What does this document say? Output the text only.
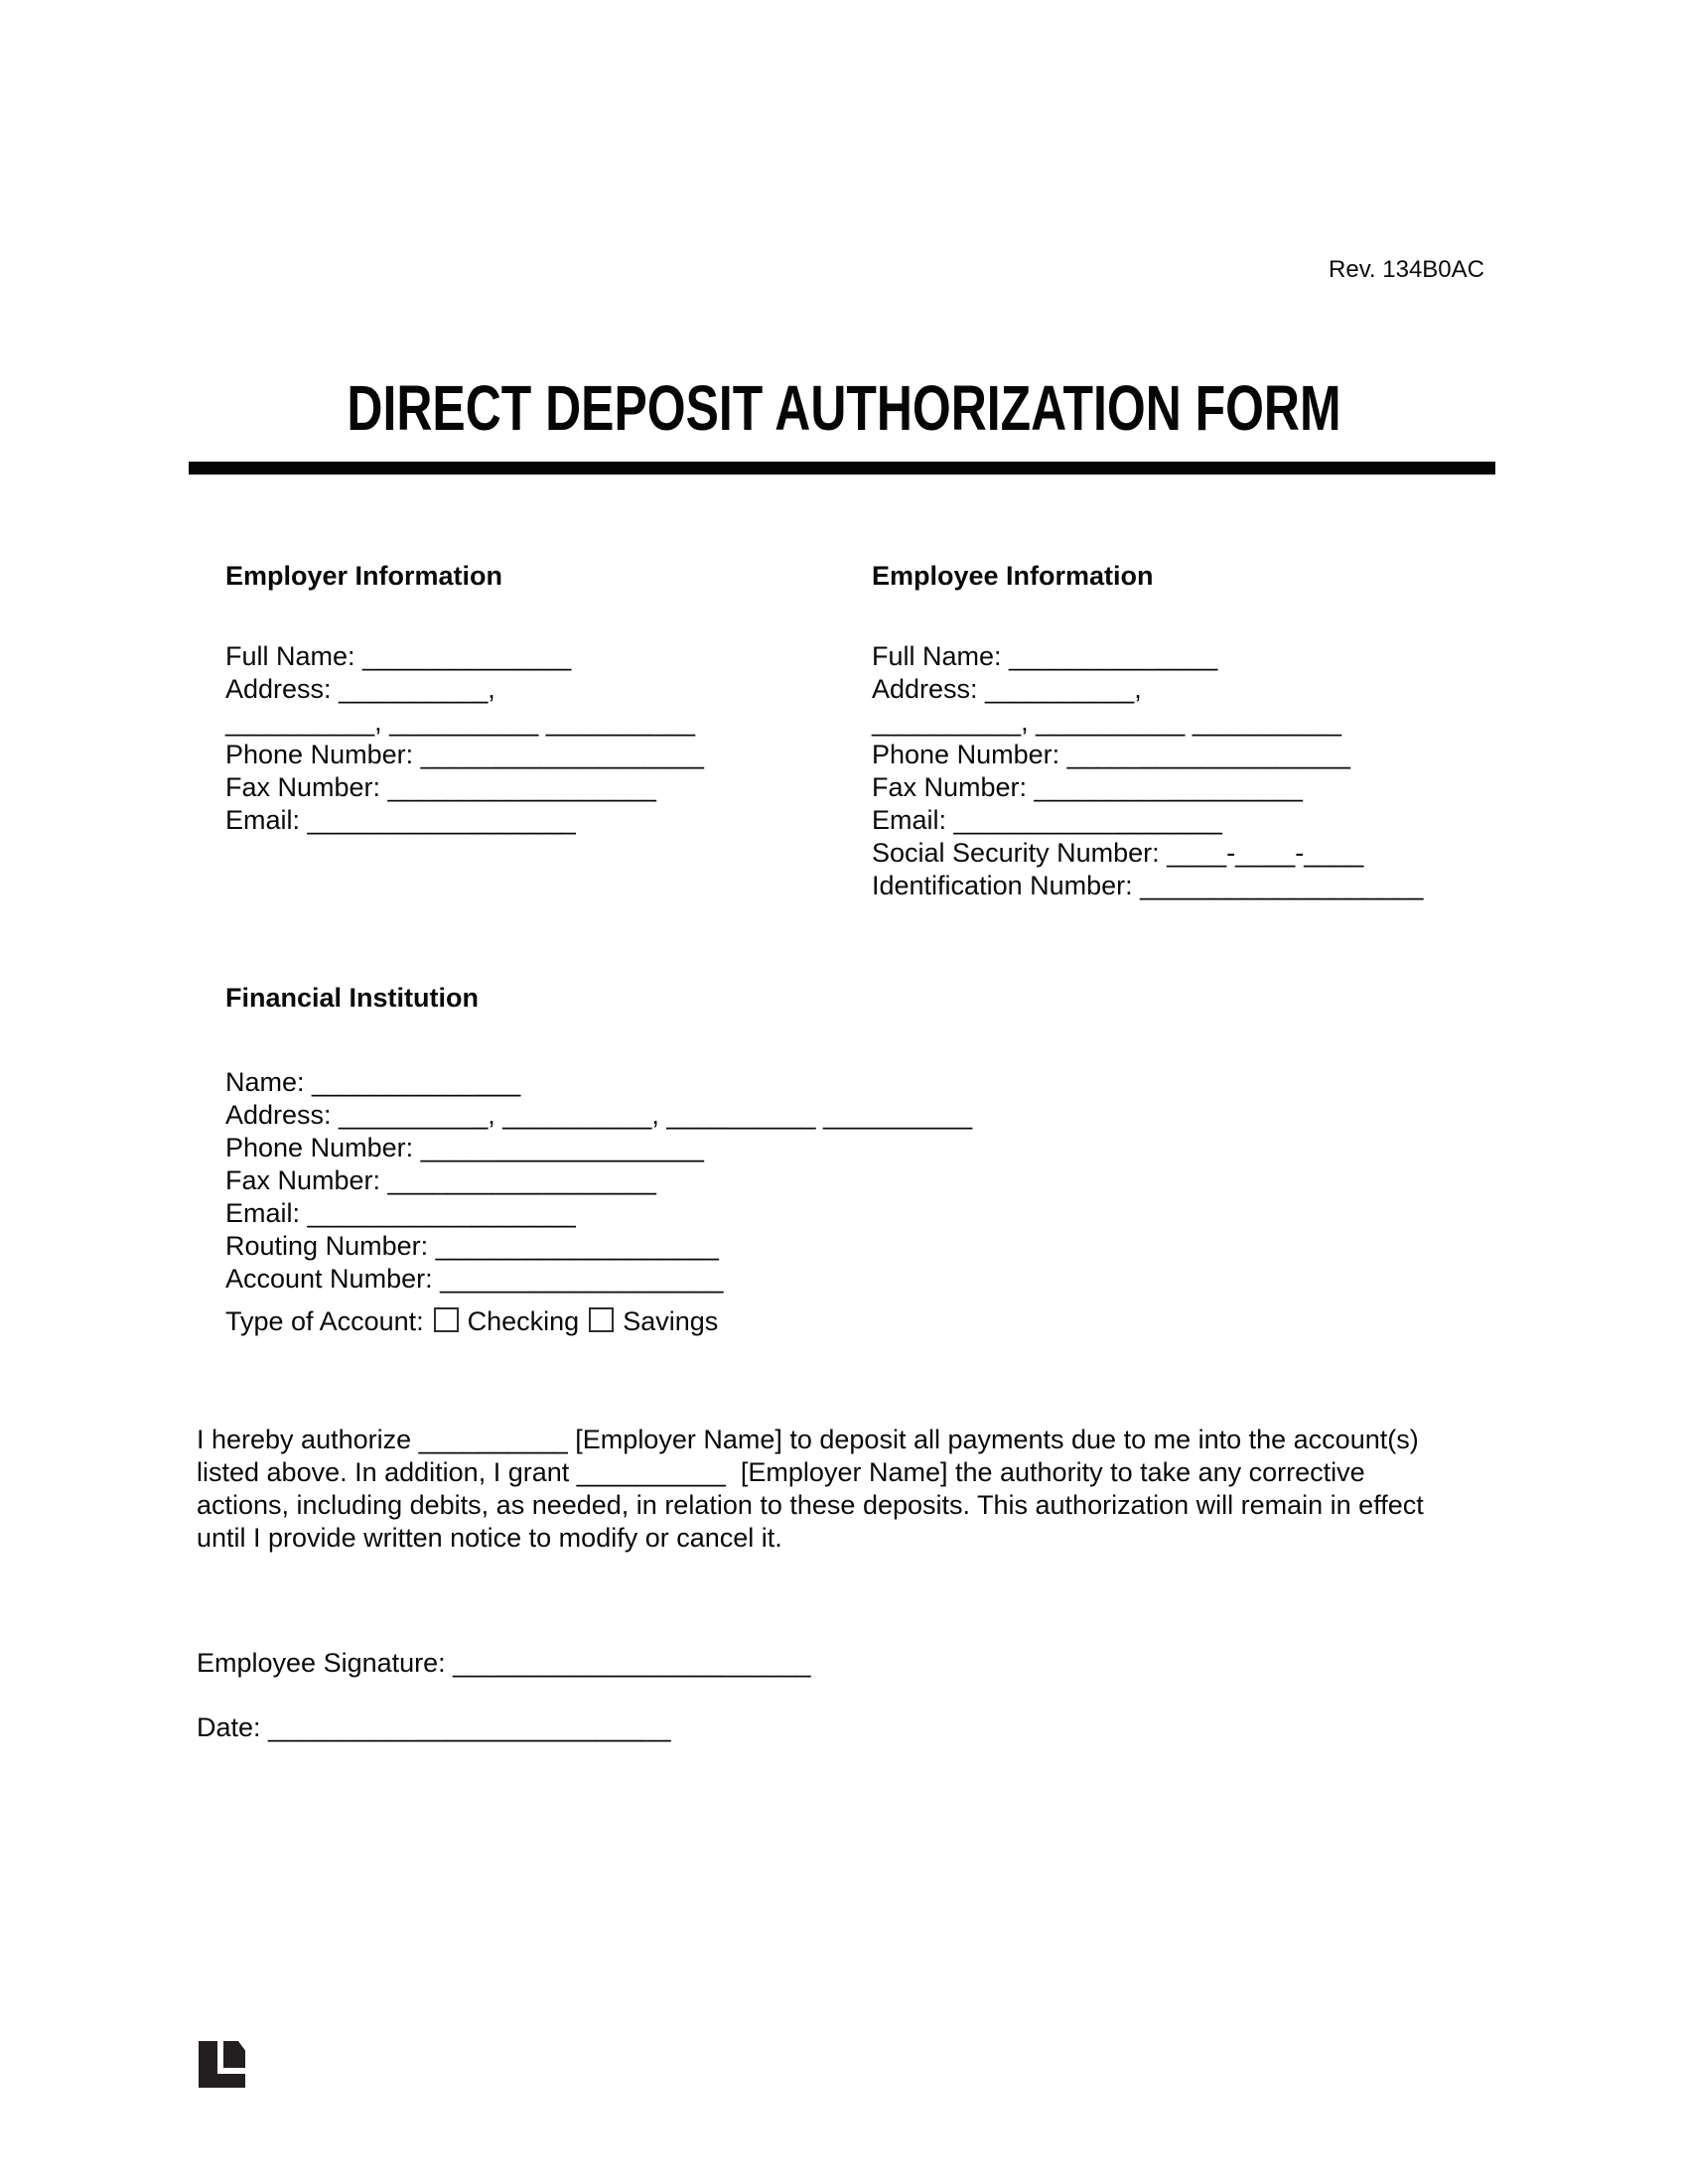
Rev. 134B0AC
DIRECT DEPOSIT AUTHORIZATION FORM
Employer Information	Employee Information
Full Name: ______________
Address: __________,
__________, __________ __________
Phone Number: ___________________
Fax Number: __________________
Email: __________________
Full Name: ______________
Address: __________,
__________, __________ __________
Phone Number: ___________________
Fax Number: __________________
Email: __________________
Social Security Number: ____-____-____
Identification Number: ___________________
Financial Institution
Name: ______________
Address: __________, __________, __________ __________
Phone Number: ___________________
Fax Number: __________________
Email: __________________
Routing Number: ___________________
Account Number: ___________________
Type of Account: Checking Savings
I hereby authorize __________ [Employer Name] to deposit all payments due to me into the account(s)
listed above. In addition, I grant __________  [Employer Name] the authority to take any corrective
actions, including debits, as needed, in relation to these deposits. This authorization will remain in effect
until I provide written notice to modify or cancel it.
Employee Signature: ________________________
Date: ___________________________
